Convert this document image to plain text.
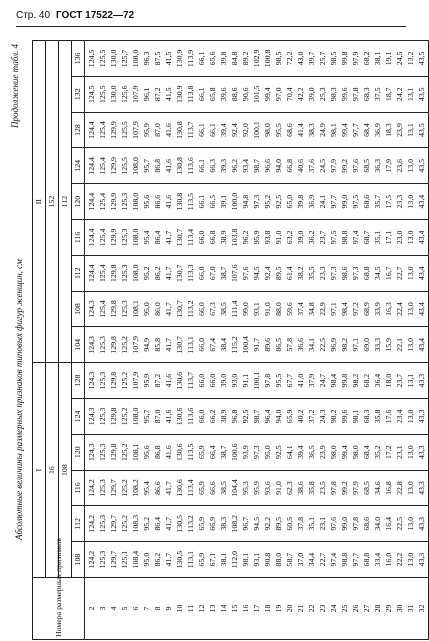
Стр. 40 ГОСТ 17522—72
Абсолютные величины размерных признаков типовых фигур женщин, см
Продолжение табл. 4
Номера размерных признаков	I						II								
	16						152								
	108						112								
	108	112	116	120	124	128	104	108	112	116	120	124	128	132	136
2	124,2	124,2	124,2	124,3	124,3	124,3	124,3	124,3	124,4	124,4	124,4	124,4	124,4	124,5	124,5
3	125,3	125,3	125,3	125,3	125,3	125,3	125,3	125,4	125,4	125,4	125,4	125,4	125,4	125,5	125,5
4	129,7	129,7	129,7	129,8	129,8	129,8	129,8	129,8	129,8	129,9	129,9	129,9	129,9	130,0	130,0
5	125,1	125,2	125,2	125,2	125,2	125,2	125,2	125,3	125,3	125,3	125,3	125,5	125,5	125,6	125,7
6	108,4	108,3	108,2	108,1	108,0	107,9	107,9	108,1	108,0	108,0	108,0	108,0	107,9	107,9	108,0
7	95,0	95,2	95,4	95,6	95,7	95,9	94,9	95,0	95,2	95,4	95,6	95,7	95,9	96,1	96,3
8	86,2	86,4	86,6	86,8	87,0	87,2	85,8	86,0	86,2	86,4	86,6	86,8	87,0	87,2	87,5
9	41,7	41,7	41,7	41,6	41,6	41,6	41,7	41,7	41,7	41,7	41,6	41,6	41,6	41,5	41,5
10	130,5	130,5	130,6	130,6	130,6	130,6	130,7	130,7	130,7	130,7	130,8	130,8	130,8	130,9	130,9
11	113,1	113,2	113,4	113,5	113,6	113,7	113,1	113,2	113,3	113,4	113,5	113,6	113,7	113,8	113,9
12	65,9	65,9	65,9	65,9	66,0	66,0	66,0	66,0	66,0	66,0	66,1	66,1	66,1	66,1	66,1
13	67,1	66,9	66,6	66,4	66,2	66,0	67,4	67,3	67,0	66,8	66,5	66,3	66,1	65,8	65,6
14	38,1	38,3	38,5	38,7	38,9	39,0	38,4	38,5	38,7	38,9	39,1	39,3	39,4	39,6	39,8
15	112,0	108,2	104,4	100,6	96,8	93,0	115,2	111,4	107,6	103,8	100,0	96,2	92,4	88,6	84,8
16	98,1	96,7	95,3	93,9	92,5	91,1	100,4	99,0	97,6	96,2	94,8	93,4	92,0	90,6	89,2
17	93,1	94,5	95,9	97,3	98,7	100,1	91,7	93,1	94,5	95,9	97,3	98,7	100,1	101,5	102,9
18	90,8	92,2	93,6	95,0	96,4	97,8	89,6	91,0	92,4	93,8	95,2	96,6	98,0	99,4	100,8
19	88,0	89,5	91,0	92,5	94,0	95,5	86,5	88,0	89,5	91,0	92,5	94,0	95,5	97,0	98,5
20	58,7	60,5	62,3	64,1	65,9	67,7	57,8	59,6	61,4	63,2	65,0	66,8	68,6	70,4	72,2
21	37,0	37,8	38,6	39,4	40,2	41,0	36,6	37,4	38,2	39,0	39,8	40,6	41,4	42,2	43,0
22	34,4	35,1	35,8	36,5	37,2	37,9	34,1	34,8	35,5	36,2	36,9	37,6	38,3	39,0	39,7
23	22,7	23,1	23,5	23,9	24,3	24,7	22,5	22,9	23,3	23,7	24,1	24,5	24,9	25,3	25,7
24	97,4	97,6	97,8	98,0	98,2	98,4	96,9	97,1	97,3	97,5	97,7	97,9	98,1	98,3	98,5
25	98,8	99,0	99,2	99,4	99,6	99,8	98,2	98,4	98,6	98,8	99,0	99,2	99,4	99,6	99,8
26	97,7	97,8	97,9	98,0	98,1	98,2	97,1	97,2	97,3	97,4	97,5	97,6	97,7	97,8	97,9
27	68,8	68,6	68,5	68,4	68,3	68,2	69,0	68,9	68,8	68,7	68,6	68,5	68,4	68,3	68,2
28	33,4	34,0	34,6	35,2	35,8	36,4	33,3	33,9	34,5	35,1	35,7	36,3	36,9	37,5	38,1
29	16,0	16,4	16,8	17,2	17,6	18,0	15,9	16,3	16,7	17,1	17,5	17,9	18,3	18,7	19,1
30	22,2	22,5	22,8	23,1	23,4	23,7	22,1	22,4	22,7	23,0	23,3	23,6	23,9	24,2	24,5
31	13,0	13,0	13,0	13,0	13,0	13,1	13,0	13,0	13,0	13,0	13,0	13,0	13,1	13,1	13,2
32	43,3	43,3	43,3	43,3	43,3	43,3	43,4	43,4	43,4	43,4	43,4	43,5	43,5	43,5	43,5
